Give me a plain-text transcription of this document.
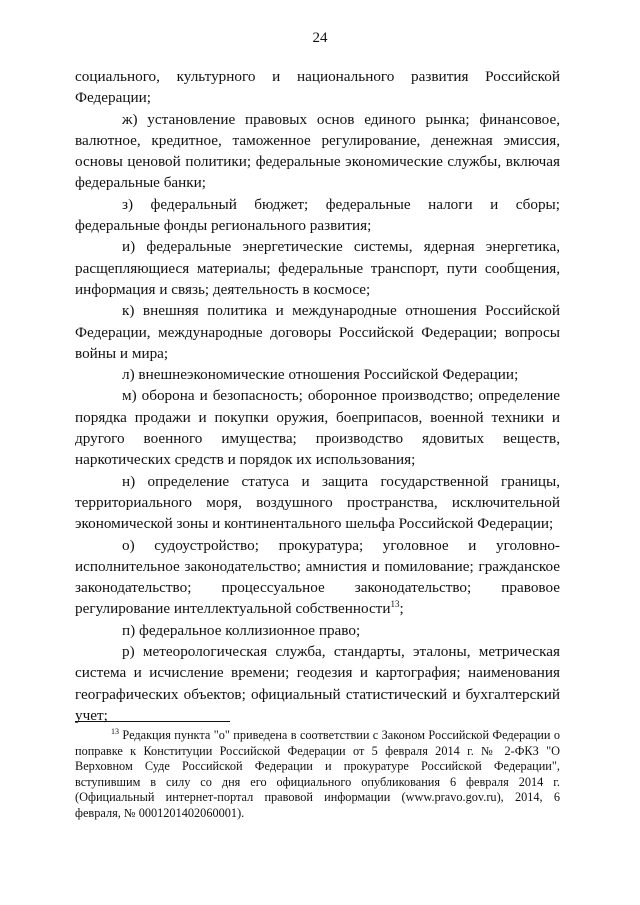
24

социального, культурного и национального развития Российской Федерации;

ж) установление правовых основ единого рынка; финансовое, валютное, кредитное, таможенное регулирование, денежная эмиссия, основы ценовой политики; федеральные экономические службы, включая федеральные банки;

з) федеральный бюджет; федеральные налоги и сборы; федеральные фонды регионального развития;

и) федеральные энергетические системы, ядерная энергетика, расщепляющиеся материалы; федеральные транспорт, пути сообщения, информация и связь; деятельность в космосе;

к) внешняя политика и международные отношения Российской Федерации, международные договоры Российской Федерации; вопросы войны и мира;

л) внешнеэкономические отношения Российской Федерации;

м) оборона и безопасность; оборонное производство; определение порядка продажи и покупки оружия, боеприпасов, военной техники и другого военного имущества; производство ядовитых веществ, наркотических средств и порядок их использования;

н) определение статуса и защита государственной границы, территориального моря, воздушного пространства, исключительной экономической зоны и континентального шельфа Российской Федерации;

о) судоустройство; прокуратура; уголовное и уголовно-исполнительное законодательство; амнистия и помилование; гражданское законодательство; процессуальное законодательство; правовое регулирование интеллектуальной собственности$^{13}$;

п) федеральное коллизионное право;

р) метеорологическая служба, стандарты, эталоны, метрическая система и исчисление времени; геодезия и картография; наименования географических объектов; официальный статистический и бухгалтерский учет;

$^{13}$ Редакция пункта "о" приведена в соответствии с Законом Российской Федерации о поправке к Конституции Российской Федерации от 5 февраля 2014 г. № 2-ФКЗ "О Верховном Суде Российской Федерации и прокуратуре Российской Федерации", вступившим в силу со дня его официального опубликования 6 февраля 2014 г. (Официальный интернет-портал правовой информации (www.pravo.gov.ru), 2014, 6 февраля, № 0001201402060001).
